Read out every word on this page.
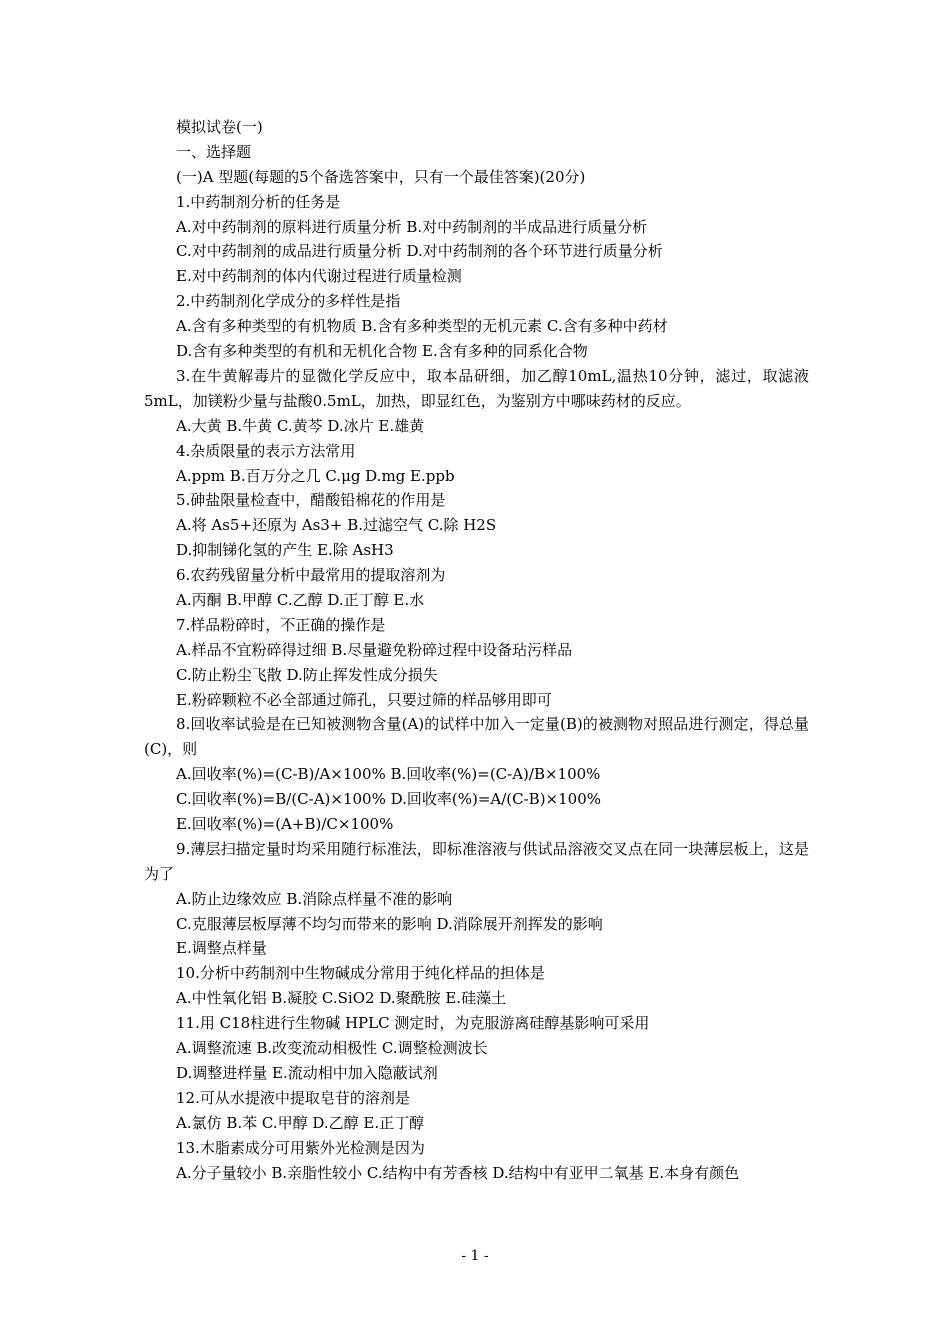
模拟试卷(一)
一、选择题
(一)A 型题(每题的5个备选答案中，只有一个最佳答案)(20分)
1.中药制剂分析的任务是
A.对中药制剂的原料进行质量分析 B.对中药制剂的半成品进行质量分析
C.对中药制剂的成品进行质量分析 D.对中药制剂的各个环节进行质量分析
E.对中药制剂的体内代谢过程进行质量检测
2.中药制剂化学成分的多样性是指
A.含有多种类型的有机物质 B.含有多种类型的无机元素 C.含有多种中药材
D.含有多种类型的有机和无机化合物 E.含有多种的同系化合物
3.在牛黄解毒片的显微化学反应中，取本品研细，加乙醇10mL,温热10分钟，滤过，取滤液5mL，加镁粉少量与盐酸0.5mL，加热，即显红色，为鉴别方中哪味药材的反应。
A.大黄 B.牛黄 C.黄芩 D.冰片 E.雄黄
4.杂质限量的表示方法常用
A.ppm B.百万分之几 C.μg D.mg E.ppb
5.砷盐限量检查中，醋酸铅棉花的作用是
A.将 As5+还原为 As3+ B.过滤空气 C.除 H2S
D.抑制锑化氢的产生 E.除 AsH3
6.农药残留量分析中最常用的提取溶剂为
A.丙酮 B.甲醇 C.乙醇 D.正丁醇 E.水
7.样品粉碎时，不正确的操作是
A.样品不宜粉碎得过细 B.尽量避免粉碎过程中设备玷污样品
C.防止粉尘飞散 D.防止挥发性成分损失
E.粉碎颗粒不必全部通过筛孔，只要过筛的样品够用即可
8.回收率试验是在已知被测物含量(A)的试样中加入一定量(B)的被测物对照品进行测定，得总量(C)，则
A.回收率(%)=(C-B)/A×100% B.回收率(%)=(C-A)/B×100%
C.回收率(%)=B/(C-A)×100% D.回收率(%)=A/(C-B)×100%
E.回收率(%)=(A+B)/C×100%
9.薄层扫描定量时均采用随行标准法，即标准溶液与供试品溶液交叉点在同一块薄层板上，这是为了
A.防止边缘效应 B.消除点样量不准的影响
C.克服薄层板厚薄不均匀而带来的影响 D.消除展开剂挥发的影响
E.调整点样量
10.分析中药制剂中生物碱成分常用于纯化样品的担体是
A.中性氧化铝 B.凝胶 C.SiO2 D.聚酰胺 E.硅藻土
11.用 C18柱进行生物碱 HPLC 测定时，为克服游离硅醇基影响可采用
A.调整流速 B.改变流动相极性 C.调整检测波长
D.调整进样量 E.流动相中加入隐蔽试剂
12.可从水提液中提取皂苷的溶剂是
A.氯仿 B.苯 C.甲醇 D.乙醇 E.正丁醇
13.木脂素成分可用紫外光检测是因为
A.分子量较小 B.亲脂性较小 C.结构中有芳香核 D.结构中有亚甲二氧基 E.本身有颜色
- 1 -
